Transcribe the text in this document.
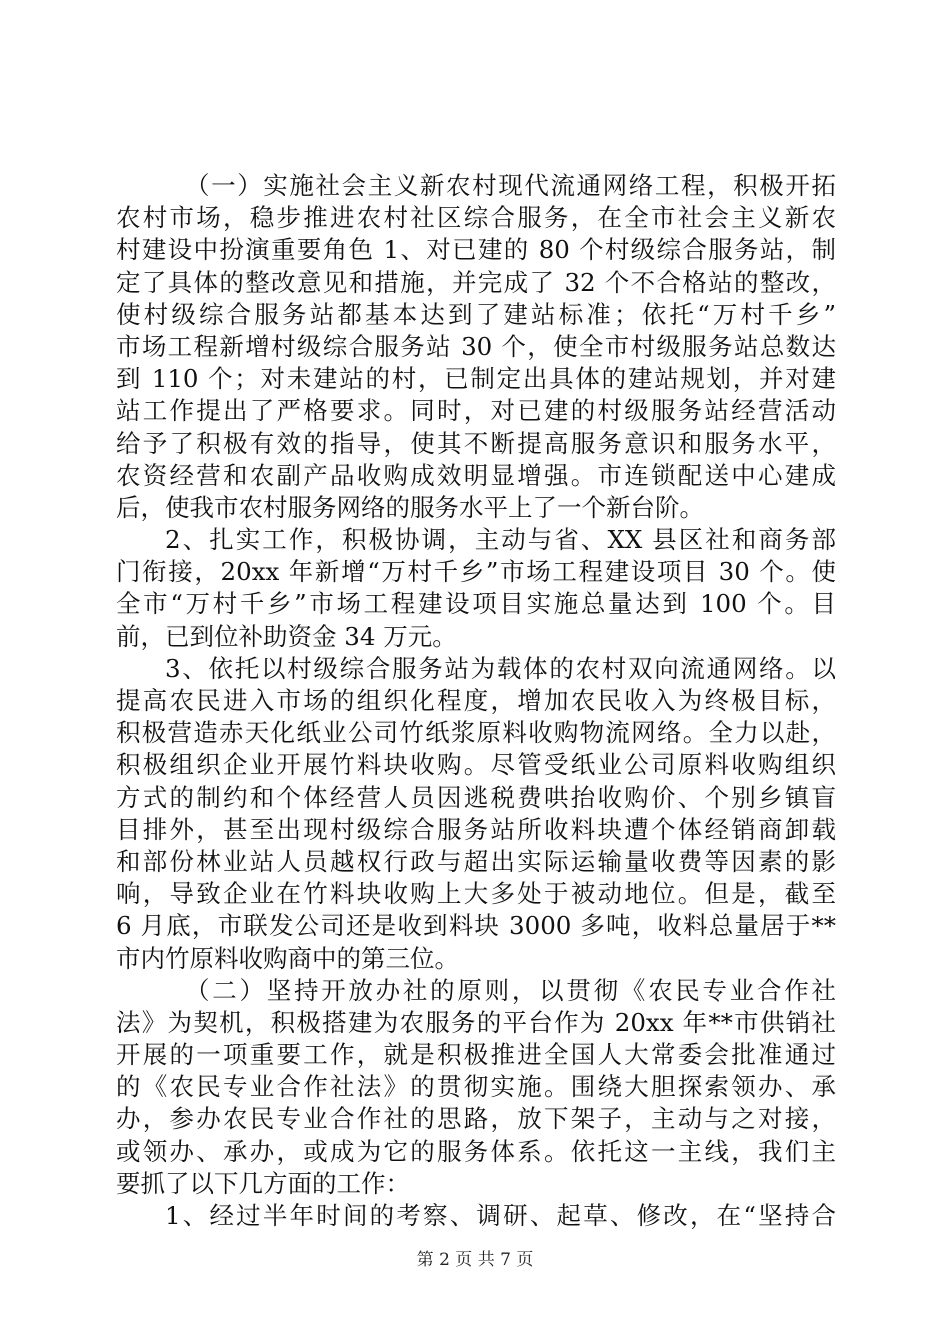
（一）实施社会主义新农村现代流通网络工程，积极开拓
农村市场，稳步推进农村社区综合服务，在全市社会主义新农
村建设中扮演重要角色 1、对已建的 80 个村级综合服务站，制
定了具体的整改意见和措施，并完成了 32 个不合格站的整改，
使村级综合服务站都基本达到了建站标准；依托“万村千乡”
市场工程新增村级综合服务站 30 个，使全市村级服务站总数达
到 110 个；对未建站的村，已制定出具体的建站规划，并对建
站工作提出了严格要求。同时，对已建的村级服务站经营活动
给予了积极有效的指导，使其不断提高服务意识和服务水平，
农资经营和农副产品收购成效明显增强。市连锁配送中心建成
后，使我市农村服务网络的服务水平上了一个新台阶。
2、扎实工作，积极协调，主动与省、XX 县区社和商务部
门衔接，20xx 年新增“万村千乡”市场工程建设项目 30 个。使
全市“万村千乡”市场工程建设项目实施总量达到 100 个。目
前，已到位补助资金 34 万元。
3、依托以村级综合服务站为载体的农村双向流通网络。以
提高农民进入市场的组织化程度，增加农民收入为终极目标，
积极营造赤天化纸业公司竹纸浆原料收购物流网络。全力以赴，
积极组织企业开展竹料块收购。尽管受纸业公司原料收购组织
方式的制约和个体经营人员因逃税费哄抬收购价、个别乡镇盲
目排外，甚至出现村级综合服务站所收料块遭个体经销商卸载
和部份林业站人员越权行政与超出实际运输量收费等因素的影
响，导致企业在竹料块收购上大多处于被动地位。但是，截至
6 月底，市联发公司还是收到料块 3000 多吨，收料总量居于**
市内竹原料收购商中的第三位。
（二）坚持开放办社的原则，以贯彻《农民专业合作社
法》为契机，积极搭建为农服务的平台作为 20xx 年**市供销社
开展的一项重要工作，就是积极推进全国人大常委会批准通过
的《农民专业合作社法》的贯彻实施。围绕大胆探索领办、承
办，参办农民专业合作社的思路，放下架子，主动与之对接，
或领办、承办，或成为它的服务体系。依托这一主线，我们主
要抓了以下几方面的工作：
1、经过半年时间的考察、调研、起草、修改，在“坚持合
第 2 页 共 7 页
